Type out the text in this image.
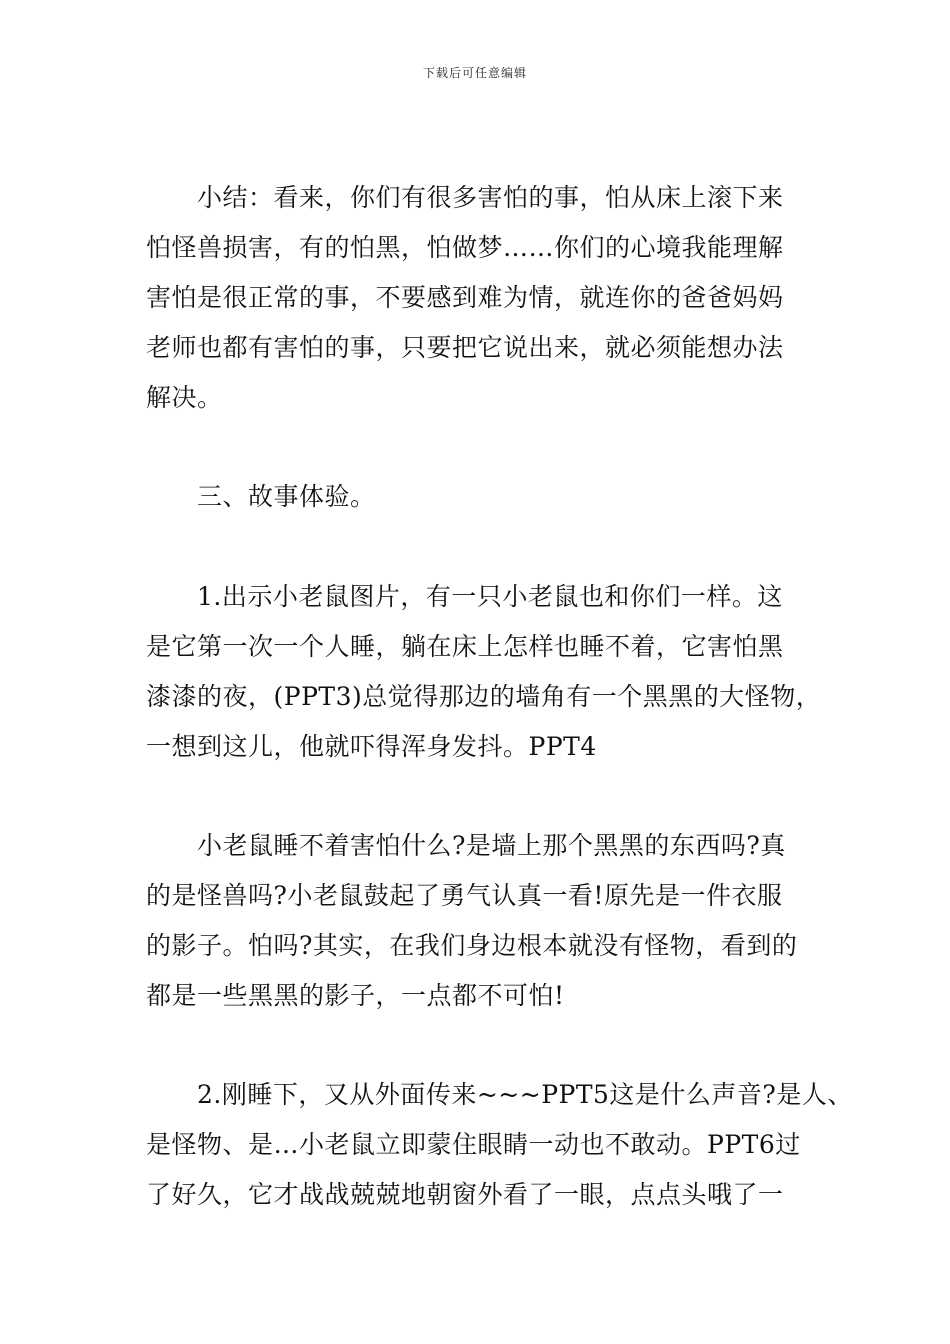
下载后可任意编辑
　　小结：看来，你们有很多害怕的事，怕从床上滚下来
怕怪兽损害，有的怕黑，怕做梦……你们的心境我能理解
害怕是很正常的事，不要感到难为情，就连你的爸爸妈妈
老师也都有害怕的事，只要把它说出来，就必须能想办法
解决。
　　三、故事体验。
　　1.出示小老鼠图片，有一只小老鼠也和你们一样。这
是它第一次一个人睡，躺在床上怎样也睡不着，它害怕黑
漆漆的夜，(PPT3)总觉得那边的墙角有一个黑黑的大怪物，
一想到这儿，他就吓得浑身发抖。PPT4
　　小老鼠睡不着害怕什么?是墙上那个黑黑的东西吗?真
的是怪兽吗?小老鼠鼓起了勇气认真一看!原先是一件衣服
的影子。怕吗?其实，在我们身边根本就没有怪物，看到的
都是一些黑黑的影子，一点都不可怕!
　　2.刚睡下，又从外面传来~~~PPT5这是什么声音?是人、
是怪物、是…小老鼠立即蒙住眼睛一动也不敢动。PPT6过
了好久，它才战战兢兢地朝窗外看了一眼，点点头哦了一
